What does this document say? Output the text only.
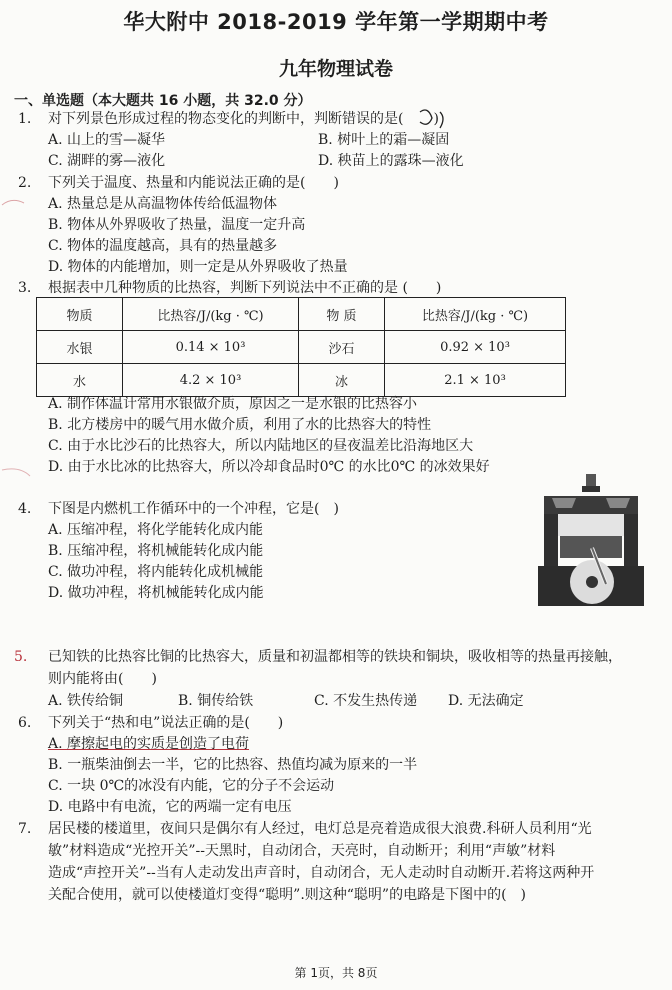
华大附中 2018-2019 学年第一学期期中考
九年物理试卷
一、单选题（本大题共 16 小题，共 32.0 分）
1. 对下列景色形成过程的物态变化的判断中，判断错误的是( )
A. 山上的雪—凝华	B. 树叶上的霜—凝固
C. 湖畔的雾—液化	D. 秧苗上的露珠—液化
2. 下列关于温度、热量和内能说法正确的是(　　)
A. 热量总是从高温物体传给低温物体
B. 物体从外界吸收了热量，温度一定升高
C. 物体的温度越高，具有的热量越多
D. 物体的内能增加，则一定是从外界吸收了热量
3. 根据表中几种物质的比热容，判断下列说法中不正确的是 (　　)
物质	比热容/J/(kg · ℃)	物 质	比热容/J/(kg · ℃)
水银	0.14 × 10³	沙石	0.92 × 10³
水	4.2 × 10³	冰	2.1 × 10³
A. 制作体温计常用水银做介质，原因之一是水银的比热容小
B. 北方楼房中的暖气用水做介质，利用了水的比热容大的特性
C. 由于水比沙石的比热容大，所以内陆地区的昼夜温差比沿海地区大
D. 由于水比冰的比热容大，所以冷却食品时0℃ 的水比0℃ 的冰效果好
4. 下图是内燃机工作循环中的一个冲程，它是(　)
A. 压缩冲程，将化学能转化成内能
B. 压缩冲程，将机械能转化成内能
C. 做功冲程，将内能转化成机械能
D. 做功冲程，将机械能转化成内能
5. 已知铁的比热容比铜的比热容大，质量和初温都相等的铁块和铜块，吸收相等的热量再接触，
则内能将由(　　)
A. 铁传给铜	B. 铜传给铁	C. 不发生热传递 D. 无法确定
6. 下列关于“热和电”说法正确的是(　　)
A. 摩擦起电的实质是创造了电荷
B. 一瓶柴油倒去一半，它的比热容、热值均减为原来的一半
C. 一块 0℃的冰没有内能，它的分子不会运动
D. 电路中有电流，它的两端一定有电压
7. 居民楼的楼道里，夜间只是偶尔有人经过，电灯总是亮着造成很大浪费.科研人员利用“光
敏”材料造成“光控开关”--天黑时，自动闭合，天亮时，自动断开；利用“声敏”材料
造成“声控开关”--当有人走动发出声音时，自动闭合，无人走动时自动断开.若将这两种开
关配合使用，就可以使楼道灯变得“聪明”.则这种“聪明”的电路是下图中的(　)
第 1页，共 8页
